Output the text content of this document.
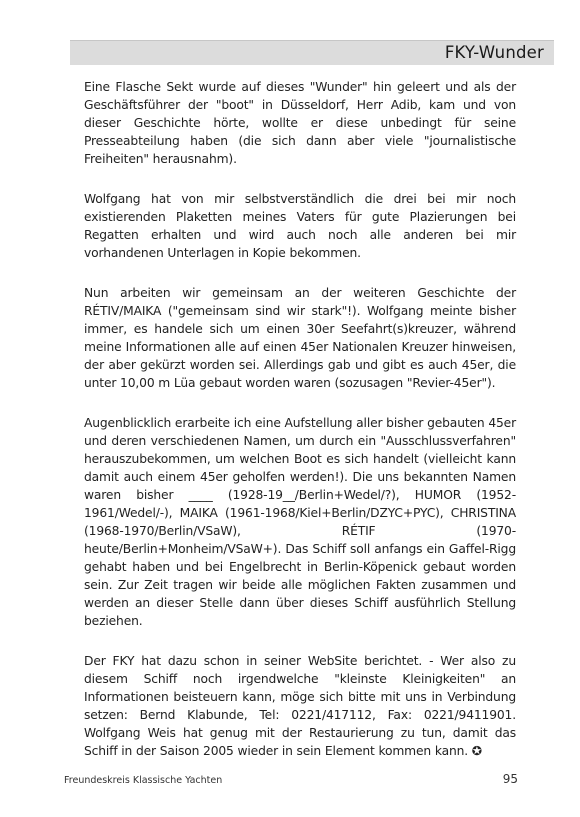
FKY-Wunder

Eine Flasche Sekt wurde auf dieses "Wunder" hin geleert und als der Geschäftsführer der "boot" in Düsseldorf, Herr Adib, kam und von dieser Geschichte hörte, wollte er diese unbedingt für seine Presseabteilung haben (die sich dann aber viele "journalistische Freiheiten" herausnahm).

Wolfgang hat von mir selbstverständlich die drei bei mir noch existierenden Plaketten meines Vaters für gute Plazierungen bei Regatten erhalten und wird auch noch alle anderen bei mir vorhandenen Unterlagen in Kopie bekommen.

Nun arbeiten wir gemeinsam an der weiteren Geschichte der RÉTIV/MAIKA ("gemeinsam sind wir stark"!). Wolfgang meinte bisher immer, es handele sich um einen 30er Seefahrt(s)kreuzer, während meine Informationen alle auf einen 45er Nationalen Kreuzer hinweisen, der aber gekürzt worden sei. Allerdings gab und gibt es auch 45er, die unter 10,00 m Lüa gebaut worden waren (sozusagen "Revier-45er").

Augenblicklich erarbeite ich eine Aufstellung aller bisher gebauten 45er und deren verschiedenen Namen, um durch ein "Ausschlussverfahren" herauszubekommen, um welchen Boot es sich handelt (vielleicht kann damit auch einem 45er geholfen werden!). Die uns bekannten Namen waren bisher ____ (1928-19__/Berlin+Wedel/?), HUMOR (1952-1961/Wedel/-), MAIKA (1961-1968/Kiel+Berlin/DZYC+PYC), CHRISTINA (1968-1970/Berlin/VSaW), RÉTIF (1970-heute/Berlin+Monheim/VSaW+). Das Schiff soll anfangs ein Gaffel-Rigg gehabt haben und bei Engelbrecht in Berlin-Köpenick gebaut worden sein. Zur Zeit tragen wir beide alle möglichen Fakten zusammen und werden an dieser Stelle dann über dieses Schiff ausführlich Stellung beziehen.

Der FKY hat dazu schon in seiner WebSite berichtet. - Wer also zu diesem Schiff noch irgendwelche "kleinste Kleinigkeiten" an Informationen beisteuern kann, möge sich bitte mit uns in Verbindung setzen: Bernd Klabunde, Tel: 0221/417112, Fax: 0221/9411901. Wolfgang Weis hat genug mit der Restaurierung zu tun, damit das Schiff in der Saison 2005 wieder in sein Element kommen kann. ✪

Freundeskreis Klassische Yachten	95
